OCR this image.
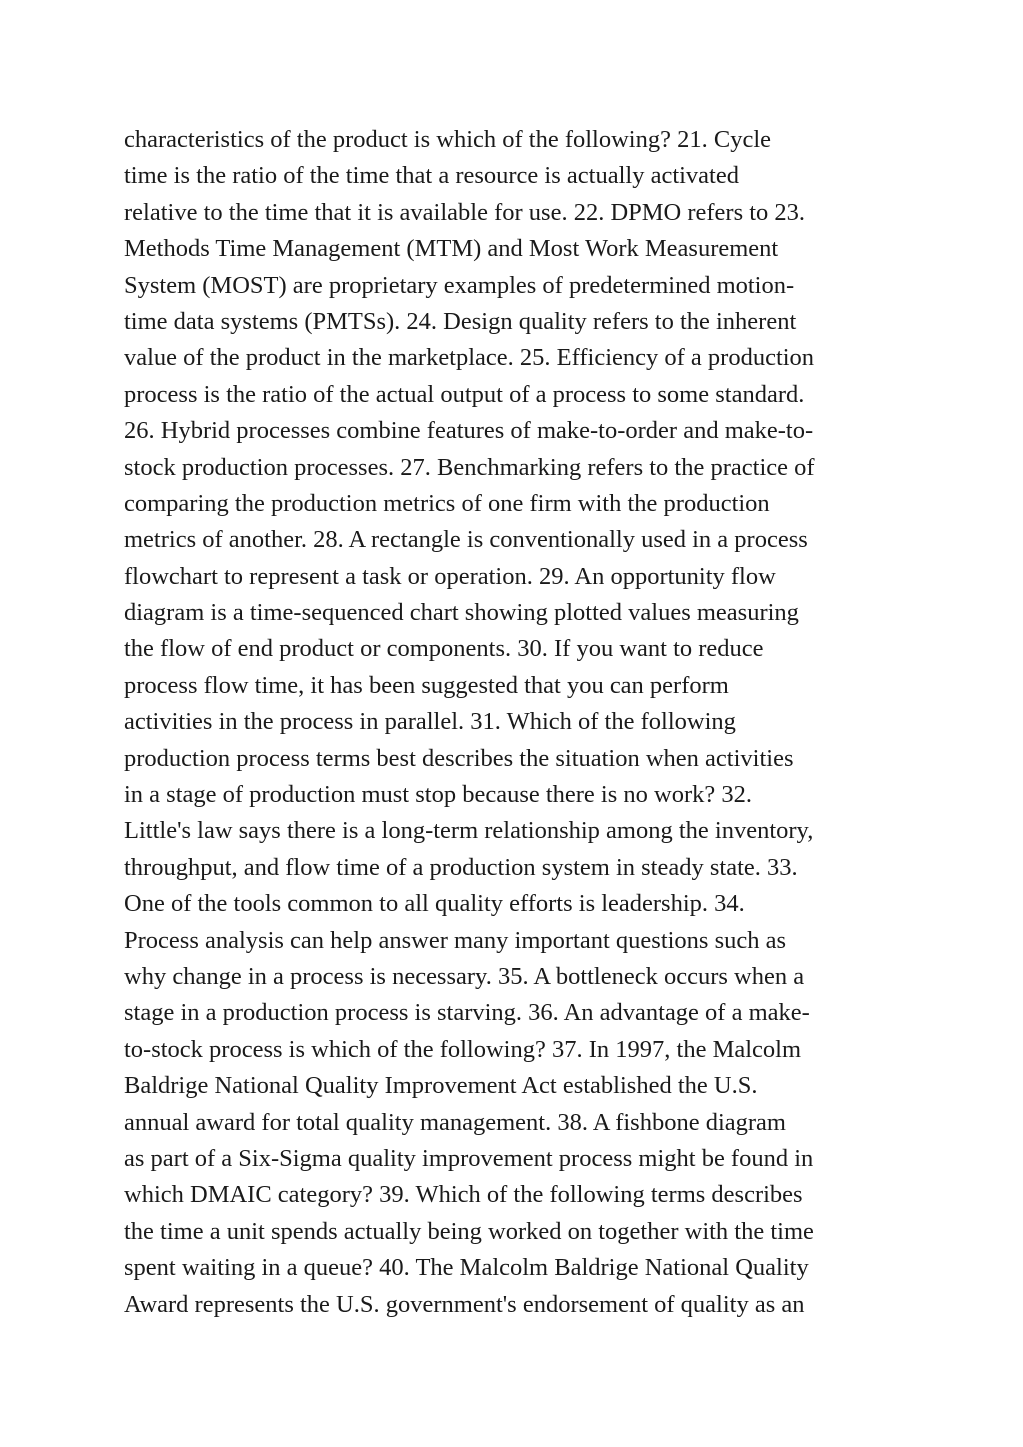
characteristics of the product is which of the following? 21. Cycle
time is the ratio of the time that a resource is actually activated
relative to the time that it is available for use. 22. DPMO refers to 23.
Methods Time Management (MTM) and Most Work Measurement
System (MOST) are proprietary examples of predetermined motion-
time data systems (PMTSs). 24. Design quality refers to the inherent
value of the product in the marketplace. 25. Efficiency of a production
process is the ratio of the actual output of a process to some standard.
26. Hybrid processes combine features of make-to-order and make-to-
stock production processes. 27. Benchmarking refers to the practice of
comparing the production metrics of one firm with the production
metrics of another. 28. A rectangle is conventionally used in a process
flowchart to represent a task or operation. 29. An opportunity flow
diagram is a time-sequenced chart showing plotted values measuring
the flow of end product or components. 30. If you want to reduce
process flow time, it has been suggested that you can perform
activities in the process in parallel. 31. Which of the following
production process terms best describes the situation when activities
in a stage of production must stop because there is no work? 32.
Little's law says there is a long-term relationship among the inventory,
throughput, and flow time of a production system in steady state. 33.
One of the tools common to all quality efforts is leadership. 34.
Process analysis can help answer many important questions such as
why change in a process is necessary. 35. A bottleneck occurs when a
stage in a production process is starving. 36. An advantage of a make-
to-stock process is which of the following? 37. In 1997, the Malcolm
Baldrige National Quality Improvement Act established the U.S.
annual award for total quality management. 38. A fishbone diagram
as part of a Six-Sigma quality improvement process might be found in
which DMAIC category? 39. Which of the following terms describes
the time a unit spends actually being worked on together with the time
spent waiting in a queue? 40. The Malcolm Baldrige National Quality
Award represents the U.S. government's endorsement of quality as an
